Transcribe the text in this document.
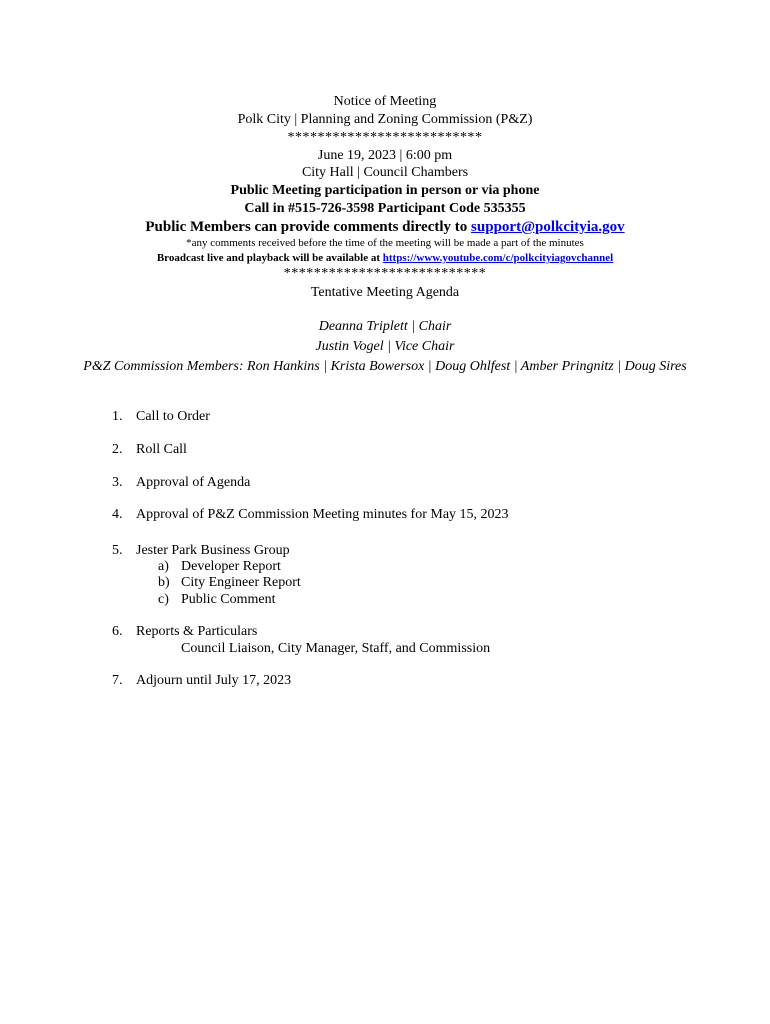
Notice of Meeting
Polk City | Planning and Zoning Commission (P&Z)
**************************
June 19, 2023 | 6:00 pm
City Hall | Council Chambers
Public Meeting participation in person or via phone
Call in #515-726-3598 Participant Code 535355
Public Members can provide comments directly to support@polkcityia.gov
*any comments received before the time of the meeting will be made a part of the minutes
Broadcast live and playback will be available at https://www.youtube.com/c/polkcityiagovchannel
***************************
Tentative Meeting Agenda
Deanna Triplett | Chair
Justin Vogel | Vice Chair
P&Z Commission Members: Ron Hankins | Krista Bowersox | Doug Ohlfest | Amber Pringnitz | Doug Sires
1. Call to Order
2. Roll Call
3. Approval of Agenda
4. Approval of P&Z Commission Meeting minutes for May 15, 2023
5. Jester Park Business Group
a) Developer Report
b) City Engineer Report
c) Public Comment
6. Reports & Particulars
Council Liaison, City Manager, Staff, and Commission
7. Adjourn until July 17, 2023
